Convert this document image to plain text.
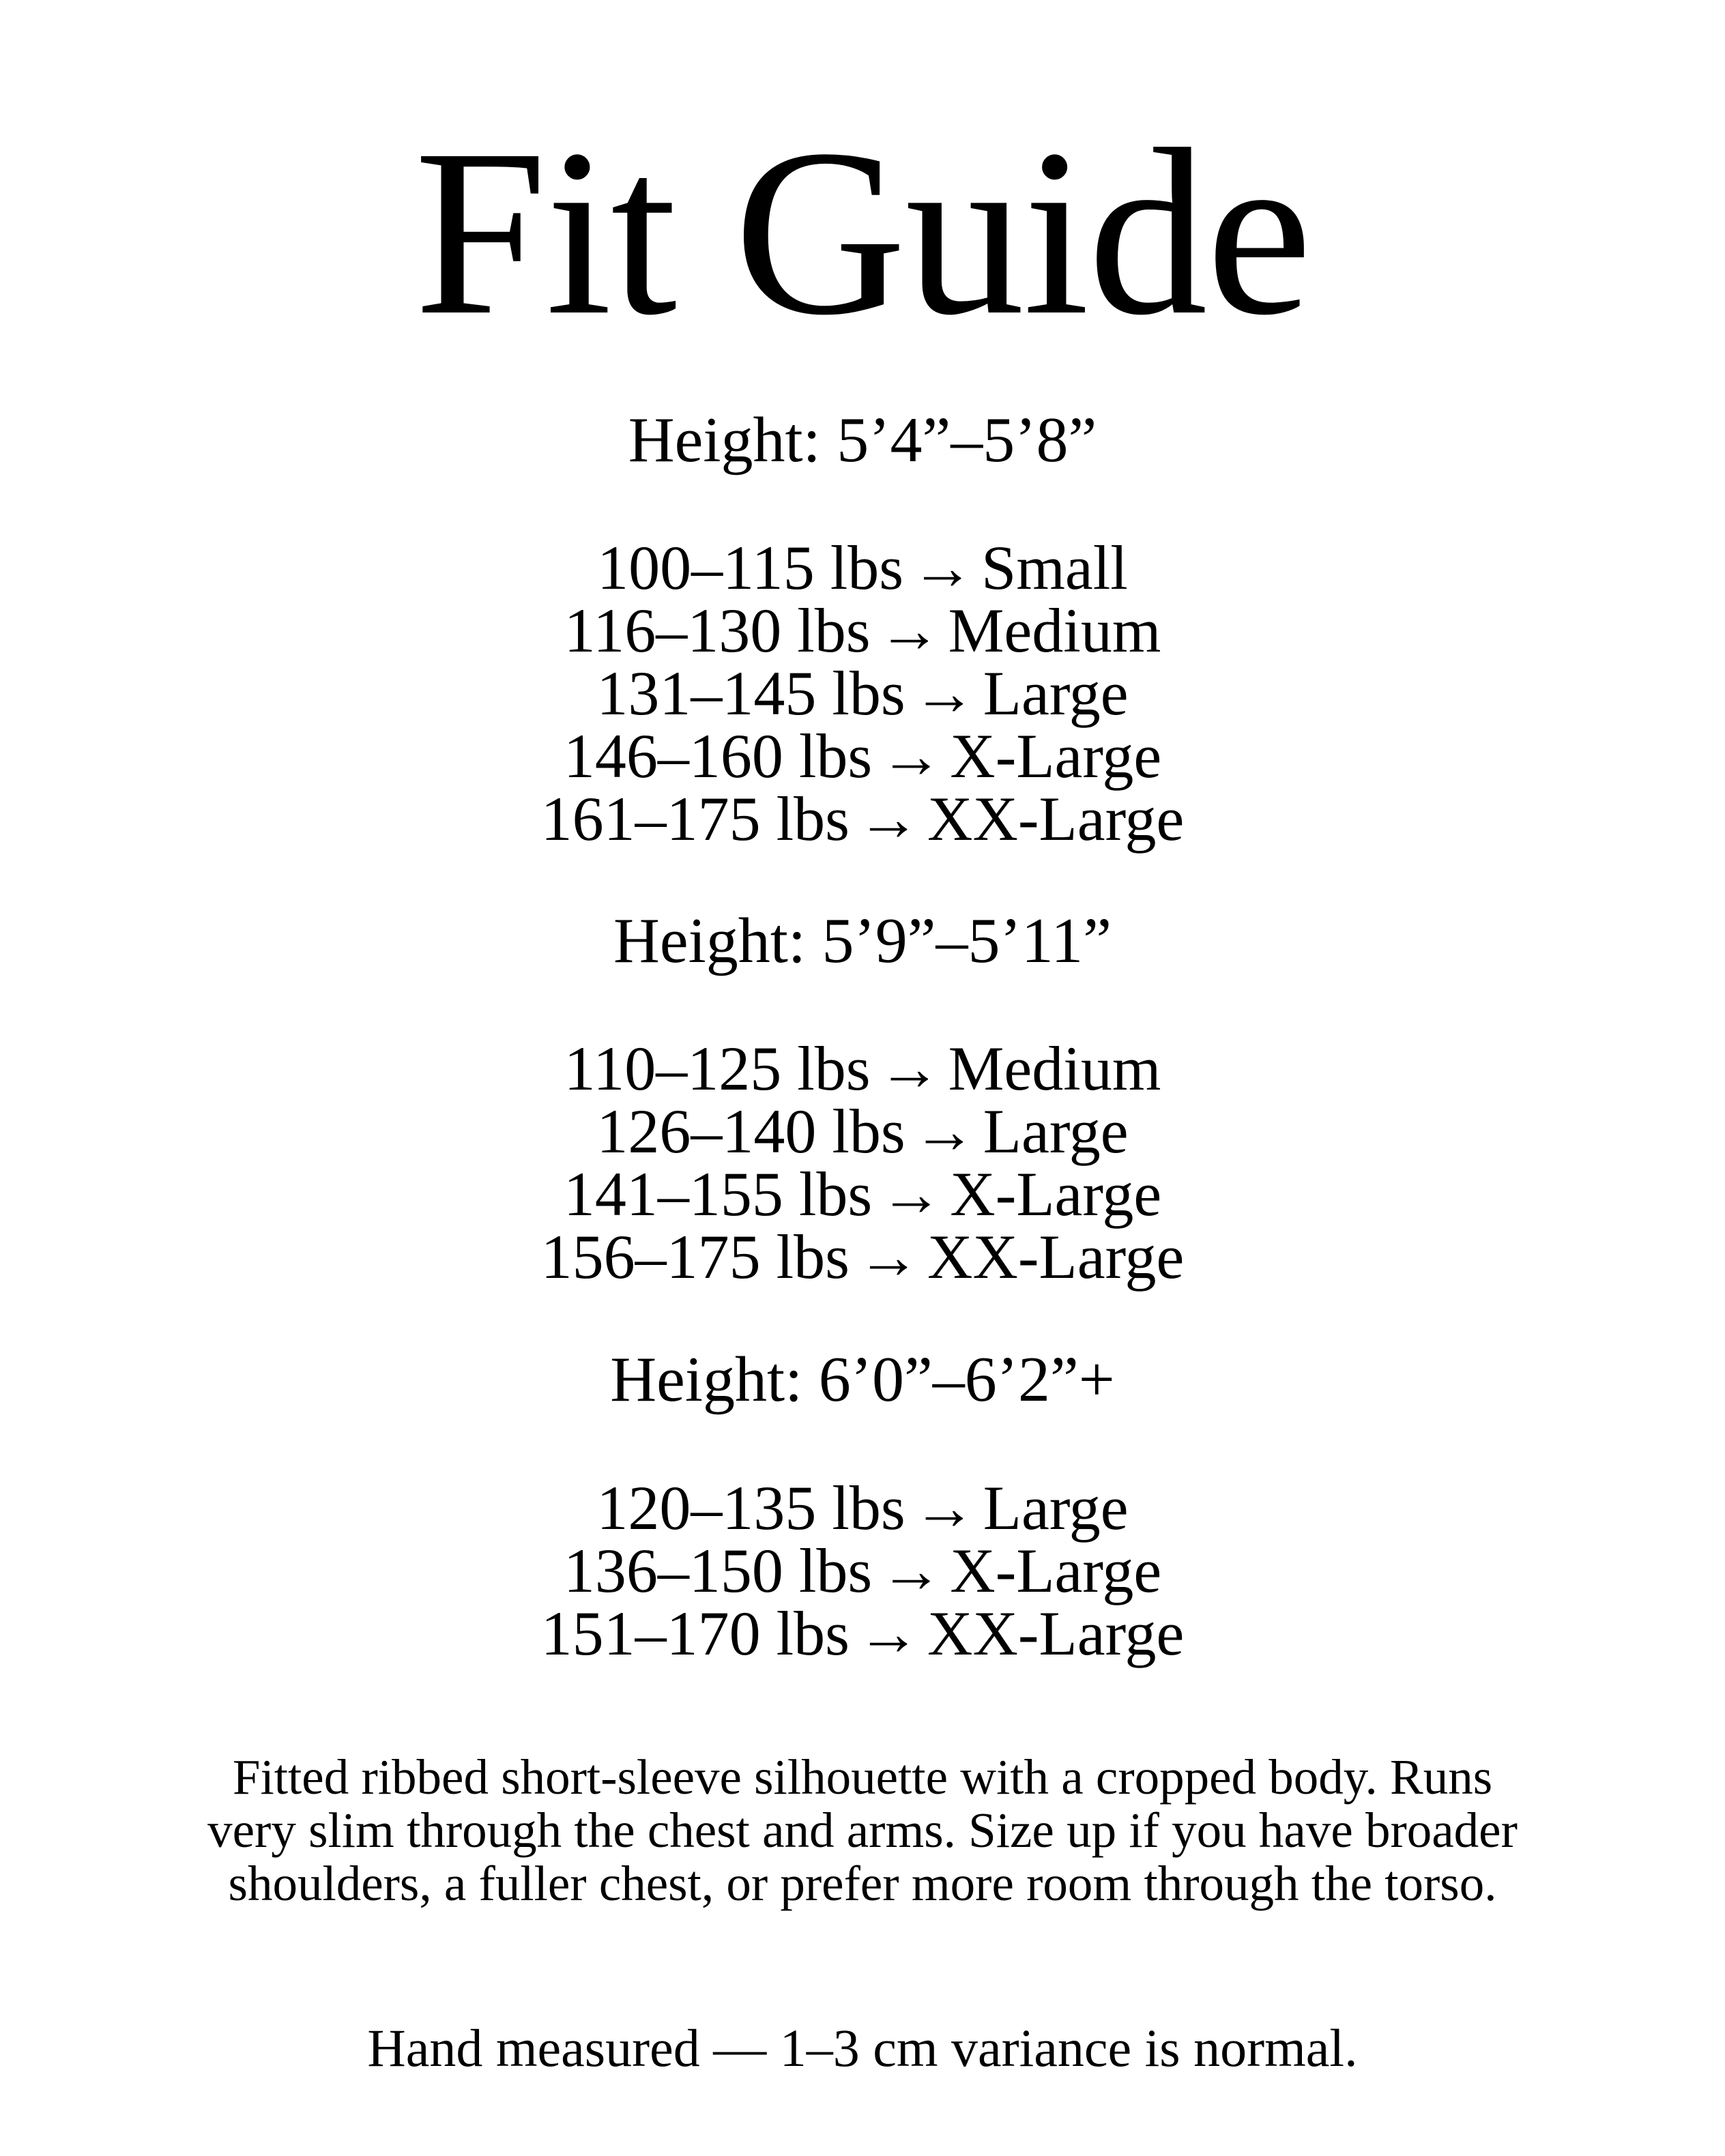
Fit Guide
Height: 5’4”–5’8”
100–115 lbs → Small
116–130 lbs → Medium
131–145 lbs → Large
146–160 lbs → X-Large
161–175 lbs → XX-Large
Height: 5’9”–5’11”
110–125 lbs → Medium
126–140 lbs → Large
141–155 lbs → X-Large
156–175 lbs → XX-Large
Height: 6’0”–6’2”+
120–135 lbs → Large
136–150 lbs → X-Large
151–170 lbs → XX-Large

Fitted ribbed short-sleeve silhouette with a cropped body. Runs very slim through the chest and arms. Size up if you have broader shoulders, a fuller chest, or prefer more room through the torso.

Hand measured — 1–3 cm variance is normal.
